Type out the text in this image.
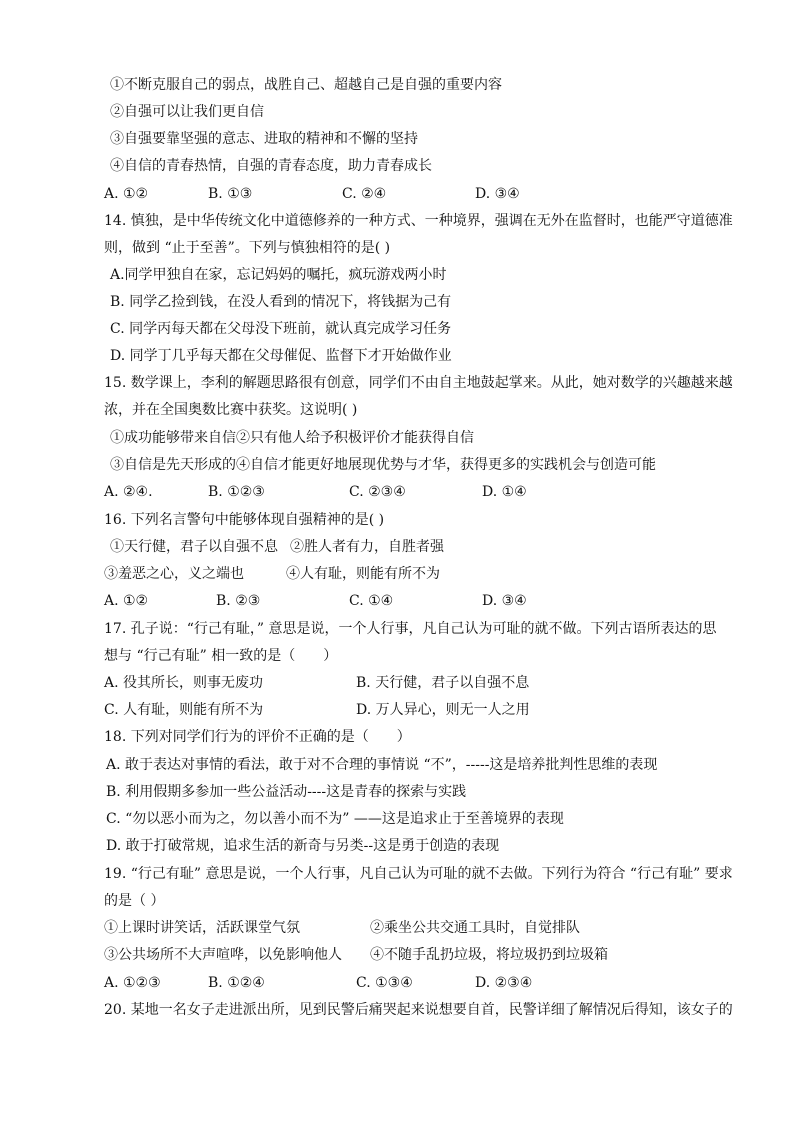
①不断克服自己的弱点，战胜自己、超越自己是自强的重要内容
②自强可以让我们更自信
③自强要靠坚强的意志、进取的精神和不懈的坚持
④自信的青春热情，自强的青春态度，助力青春成长
A. ①②	B. ①③	C. ②④	D. ③④
14. 慎独，是中华传统文化中道德修养的一种方式、一种境界，强调在无外在监督时，也能严守道德准
则，做到 “止于至善”。下列与慎独相符的是( )
A.同学甲独自在家，忘记妈妈的嘱托，疯玩游戏两小时
B. 同学乙捡到钱，在没人看到的情况下，将钱据为己有
C. 同学丙每天都在父母没下班前，就认真完成学习任务
D. 同学丁几乎每天都在父母催促、监督下才开始做作业
15. 数学课上，李利的解题思路很有创意，同学们不由自主地鼓起掌来。从此，她对数学的兴趣越来越
浓，并在全国奥数比赛中获奖。这说明( )
①成功能够带来自信②只有他人给予积极评价才能获得自信
③自信是先天形成的④自信才能更好地展现优势与才华，获得更多的实践机会与创造可能
A. ②④.	B. ①②③	C. ②③④	D. ①④
16. 下列名言警句中能够体现自强精神的是( )
①天行健，君子以自强不息 ②胜人者有力，自胜者强
③羞恶之心，义之端也	④人有耻，则能有所不为
A. ①②	B. ②③	C. ①④	D. ③④
17. 孔子说：“行己有耻，” 意思是说，一个人行事，凡自己认为可耻的就不做。下列古语所表达的思
想与 “行己有耻” 相一致的是（　　）
A. 役其所长，则事无废功	B. 天行健，君子以自强不息
C. 人有耻，则能有所不为	D. 万人异心，则无一人之用
18. 下列对同学们行为的评价不正确的是（　　）
A. 敢于表达对事情的看法，敢于对不合理的事情说 “不”，-----这是培养批判性思维的表现
B. 利用假期多参加一些公益活动----这是青春的探索与实践
C. “勿以恶小而为之，勿以善小而不为” ——这是追求止于至善境界的表现
D. 敢于打破常规，追求生活的新奇与另类--这是勇于创造的表现
19. “行己有耻” 意思是说，一个人行事，凡自己认为可耻的就不去做。下列行为符合 “行己有耻” 要求
的是（ ）
①上课时讲笑话，活跃课堂气氛	②乘坐公共交通工具时，自觉排队
③公共场所不大声喧哗，以免影响他人 ④不随手乱扔垃圾，将垃圾扔到垃圾箱
A. ①②③	B. ①②④	C. ①③④	D. ②③④
20. 某地一名女子走进派出所，见到民警后痛哭起来说想要自首，民警详细了解情况后得知，该女子的
